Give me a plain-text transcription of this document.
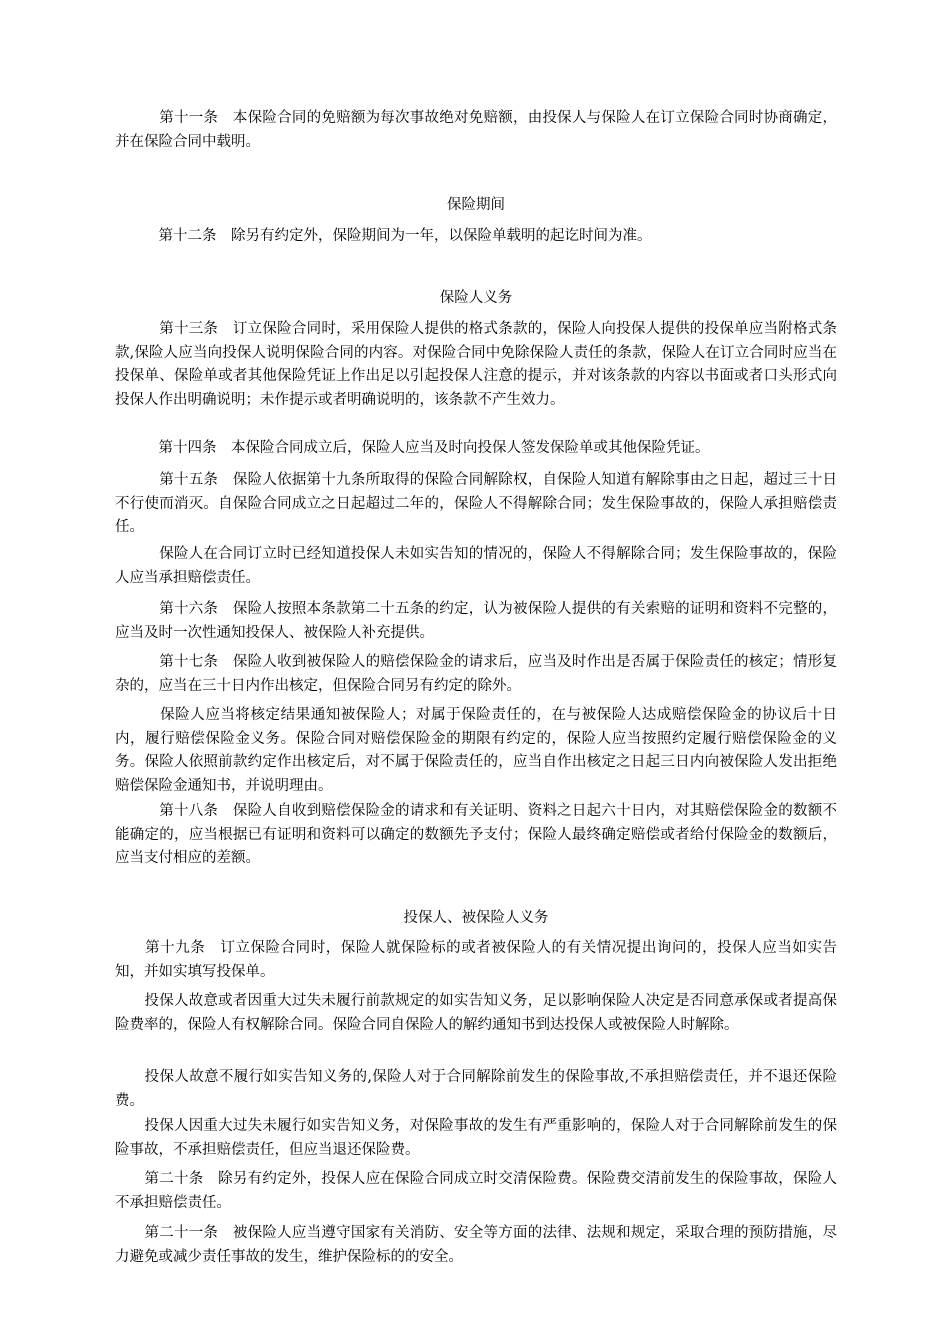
　　　第十一条　本保险合同的免赔额为每次事故绝对免赔额，由投保人与保险人在订立保险合同时协商确定，并在保险合同中载明。

保险期间

　　　第十二条　除另有约定外，保险期间为一年，以保险单载明的起讫时间为准。

保险人义务

　　　第十三条　订立保险合同时，采用保险人提供的格式条款的，保险人向投保人提供的投保单应当附格式条款,保险人应当向投保人说明保险合同的内容。对保险合同中免除保险人责任的条款，保险人在订立合同时应当在投保单、保险单或者其他保险凭证上作出足以引起投保人注意的提示，并对该条款的内容以书面或者口头形式向投保人作出明确说明；未作提示或者明确说明的，该条款不产生效力。

　　　第十四条　本保险合同成立后，保险人应当及时向投保人签发保险单或其他保险凭证。

　　　第十五条　保险人依据第十九条所取得的保险合同解除权，自保险人知道有解除事由之日起，超过三十日不行使而消灭。自保险合同成立之日起超过二年的，保险人不得解除合同；发生保险事故的，保险人承担赔偿责任。

　　　保险人在合同订立时已经知道投保人未如实告知的情况的，保险人不得解除合同；发生保险事故的，保险人应当承担赔偿责任。

　　　第十六条　保险人按照本条款第二十五条的约定，认为被保险人提供的有关索赔的证明和资料不完整的，应当及时一次性通知投保人、被保险人补充提供。

　　　第十七条　保险人收到被保险人的赔偿保险金的请求后，应当及时作出是否属于保险责任的核定；情形复杂的，应当在三十日内作出核定，但保险合同另有约定的除外。

　　　保险人应当将核定结果通知被保险人；对属于保险责任的，在与被保险人达成赔偿保险金的协议后十日内，履行赔偿保险金义务。保险合同对赔偿保险金的期限有约定的，保险人应当按照约定履行赔偿保险金的义务。保险人依照前款约定作出核定后，对不属于保险责任的，应当自作出核定之日起三日内向被保险人发出拒绝赔偿保险金通知书，并说明理由。

　　　第十八条　保险人自收到赔偿保险金的请求和有关证明、资料之日起六十日内，对其赔偿保险金的数额不能确定的，应当根据已有证明和资料可以确定的数额先予支付；保险人最终确定赔偿或者给付保险金的数额后，应当支付相应的差额。

投保人、被保险人义务

　　第十九条　订立保险合同时，保险人就保险标的或者被保险人的有关情况提出询问的，投保人应当如实告知，并如实填写投保单。

　　投保人故意或者因重大过失未履行前款规定的如实告知义务，足以影响保险人决定是否同意承保或者提高保险费率的，保险人有权解除合同。保险合同自保险人的解约通知书到达投保人或被保险人时解除。

　　投保人故意不履行如实告知义务的,保险人对于合同解除前发生的保险事故,不承担赔偿责任，并不退还保险费。

　　投保人因重大过失未履行如实告知义务，对保险事故的发生有严重影响的，保险人对于合同解除前发生的保险事故，不承担赔偿责任，但应当退还保险费。

　　第二十条　除另有约定外，投保人应在保险合同成立时交清保险费。保险费交清前发生的保险事故，保险人不承担赔偿责任。

　　第二十一条　被保险人应当遵守国家有关消防、安全等方面的法律、法规和规定，采取合理的预防措施，尽力避免或减少责任事故的发生，维护保险标的的安全。
